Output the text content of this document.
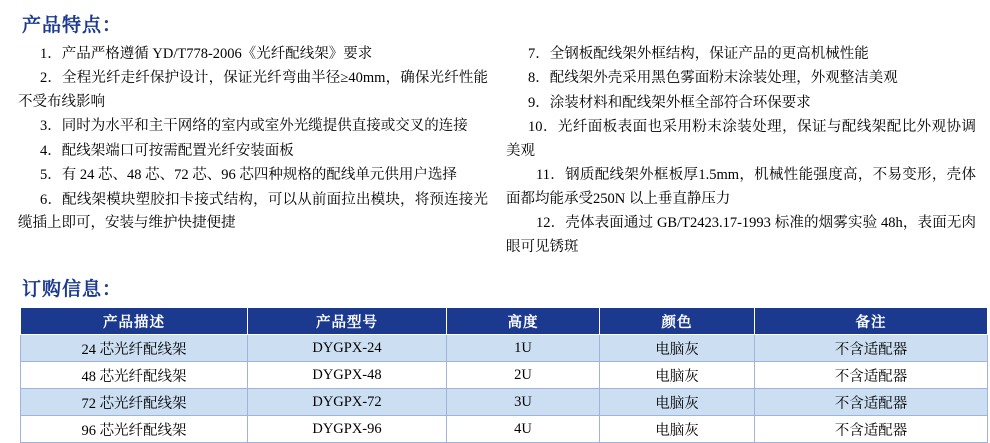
产品特点：

1．产品严格遵循 YD/T778-2006《光纤配线架》要求

2．全程光纤走纤保护设计，保证光纤弯曲半径≥40mm，确保光纤性能不受布线影响

3．同时为水平和主干网络的室内或室外光缆提供直接或交叉的连接

4．配线架端口可按需配置光纤安装面板

5．有 24 芯、48 芯、72 芯、96 芯四种规格的配线单元供用户选择

6．配线架模块塑胶扣卡接式结构，可以从前面拉出模块，将预连接光缆插上即可，安装与维护快捷便捷

7．全钢板配线架外框结构，保证产品的更高机械性能

8．配线架外壳采用黑色雾面粉末涂装处理，外观整洁美观

9．涂装材料和配线架外框全部符合环保要求

10．光纤面板表面也采用粉末涂装处理，保证与配线架配比外观协调美观

11．钢质配线架外框板厚1.5mm，机械性能强度高，不易变形，壳体面都均能承受250N 以上垂直静压力

12．壳体表面通过 GB/T2423.17-1993 标准的烟雾实验 48h，表面无肉眼可见锈斑

订购信息：
产品描述	产品型号	高度	颜色	备注
24 芯光纤配线架	DYGPX-24	1U	电脑灰	不含适配器
48 芯光纤配线架	DYGPX-48	2U	电脑灰	不含适配器
72 芯光纤配线架	DYGPX-72	3U	电脑灰	不含适配器
96 芯光纤配线架	DYGPX-96	4U	电脑灰	不含适配器
